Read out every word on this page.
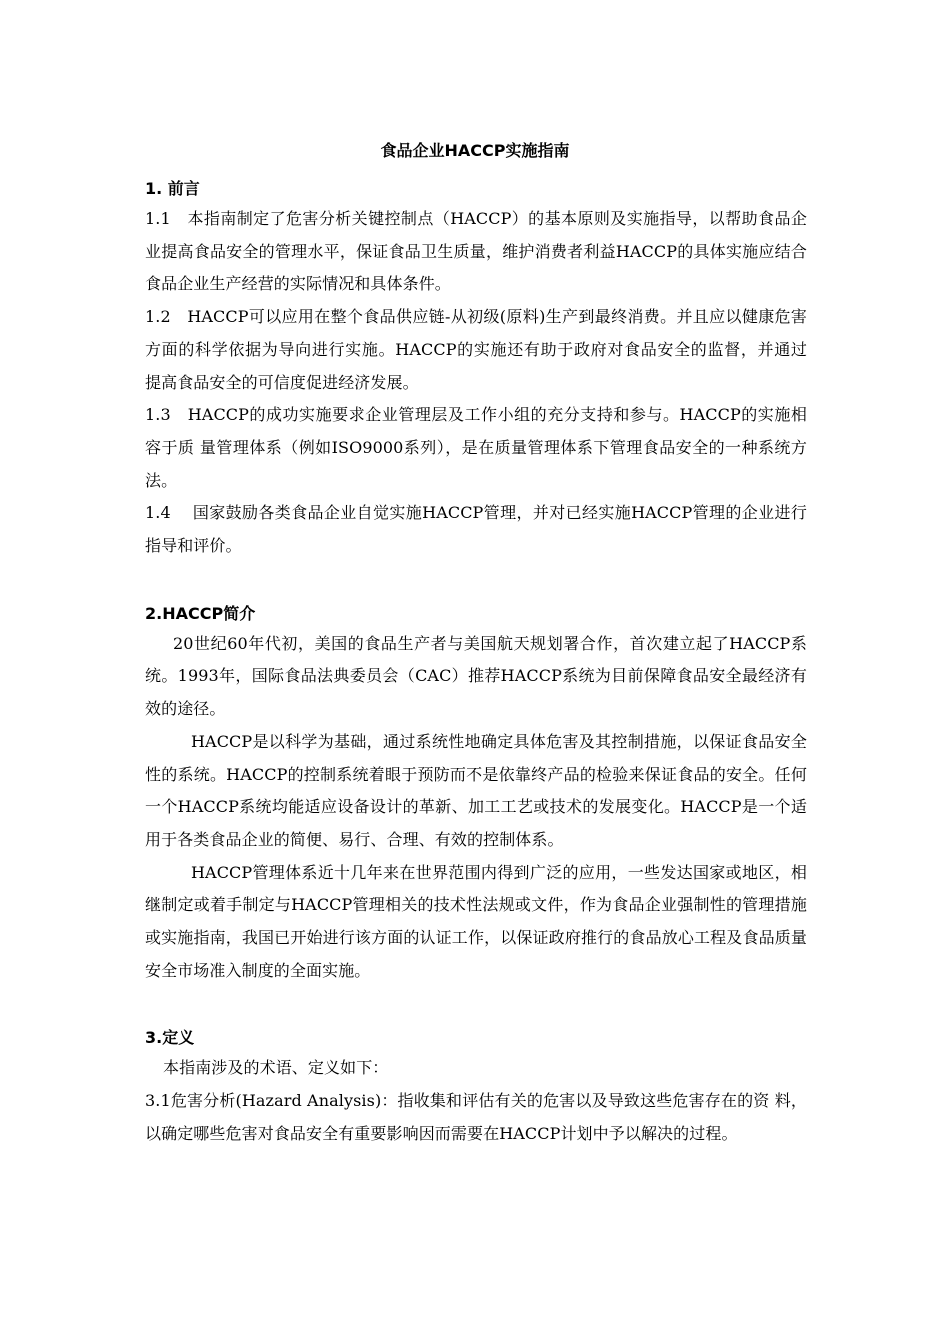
食品企业HACCP实施指南

1. 前言

1.1　本指南制定了危害分析关键控制点（HACCP）的基本原则及实施指导，以帮助食品企业提高食品安全的管理水平，保证食品卫生质量，维护消费者利益HACCP的具体实施应结合食品企业生产经营的实际情况和具体条件。

1.2　HACCP可以应用在整个食品供应链-从初级(原料)生产到最终消费。并且应以健康危害 方面的科学依据为导向进行实施。HACCP的实施还有助于政府对食品安全的监督，并通过 提高食品安全的可信度促进经济发展。

1.3　HACCP的成功实施要求企业管理层及工作小组的充分支持和参与。HACCP的实施相容于质 量管理体系（例如ISO9000系列），是在质量管理体系下管理食品安全的一种系统方法。

1.4　 国家鼓励各类食品企业自觉实施HACCP管理，并对已经实施HACCP管理的企业进行指导和评价。

2.HACCP简介

20世纪60年代初，美国的食品生产者与美国航天规划署合作，首次建立起了HACCP系统。1993年，国际食品法典委员会（CAC）推荐HACCP系统为目前保障食品安全最经济有效的途径。

HACCP是以科学为基础，通过系统性地确定具体危害及其控制措施，以保证食品安全性的系统。HACCP的控制系统着眼于预防而不是依靠终产品的检验来保证食品的安全。任何一个HACCP系统均能适应设备设计的革新、加工工艺或技术的发展变化。HACCP是一个适用于各类食品企业的简便、易行、合理、有效的控制体系。

HACCP管理体系近十几年来在世界范围内得到广泛的应用，一些发达国家或地区，相继制定或着手制定与HACCP管理相关的技术性法规或文件，作为食品企业强制性的管理措施或实施指南，我国已开始进行该方面的认证工作，以保证政府推行的食品放心工程及食品质量安全市场准入制度的全面实施。

3.定义

本指南涉及的术语、定义如下：

3.1危害分析(Hazard Analysis)：指收集和评估有关的危害以及导致这些危害存在的资 料，以确定哪些危害对食品安全有重要影响因而需要在HACCP计划中予以解决的过程。
